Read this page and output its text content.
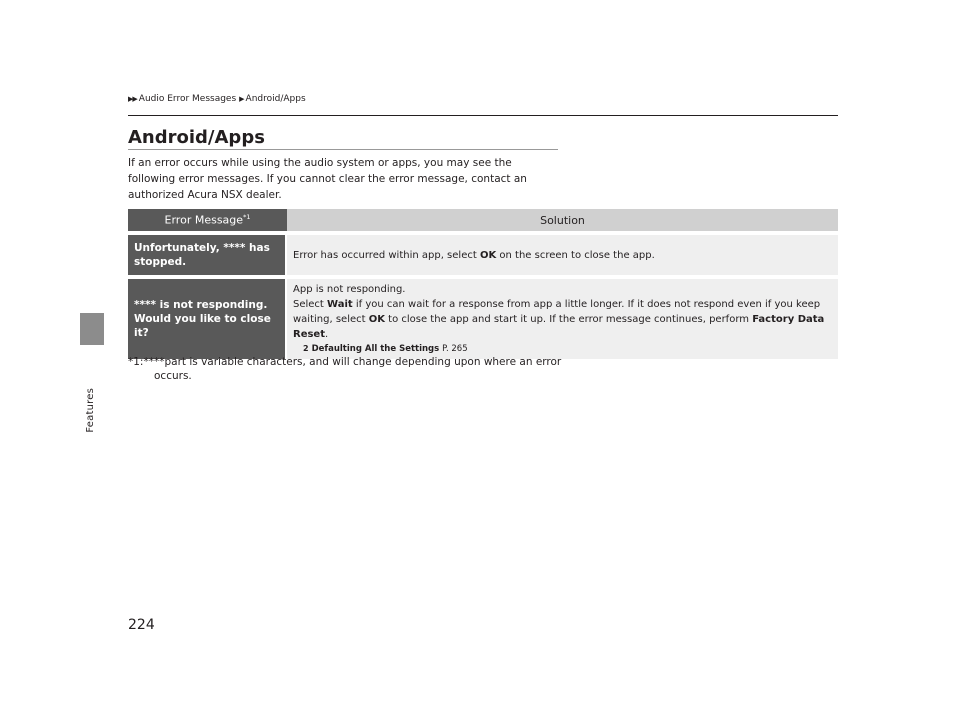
Features
▶▶ Audio Error Messages ▶ Android/Apps
Android/Apps

If an error occurs while using the audio system or apps, you may see the following error messages. If you cannot clear the error message, contact an authorized Acura NSX dealer.

Error Message$^{*1}$	Solution
Unfortunately, **** has stopped.	Error has occurred within app, select OK on the screen to close the app.
**** is not responding. Would you like to close it?	App is not responding.
Select Wait if you can wait for a response from app a little longer. If it does not respond even if you keep waiting, select OK to close the app and start it up. If the error message continues, perform Factory Data Reset.
2 Defaulting All the Settings P. 265

*1:****part is variable characters, and will change depending upon where an error occurs.

224
